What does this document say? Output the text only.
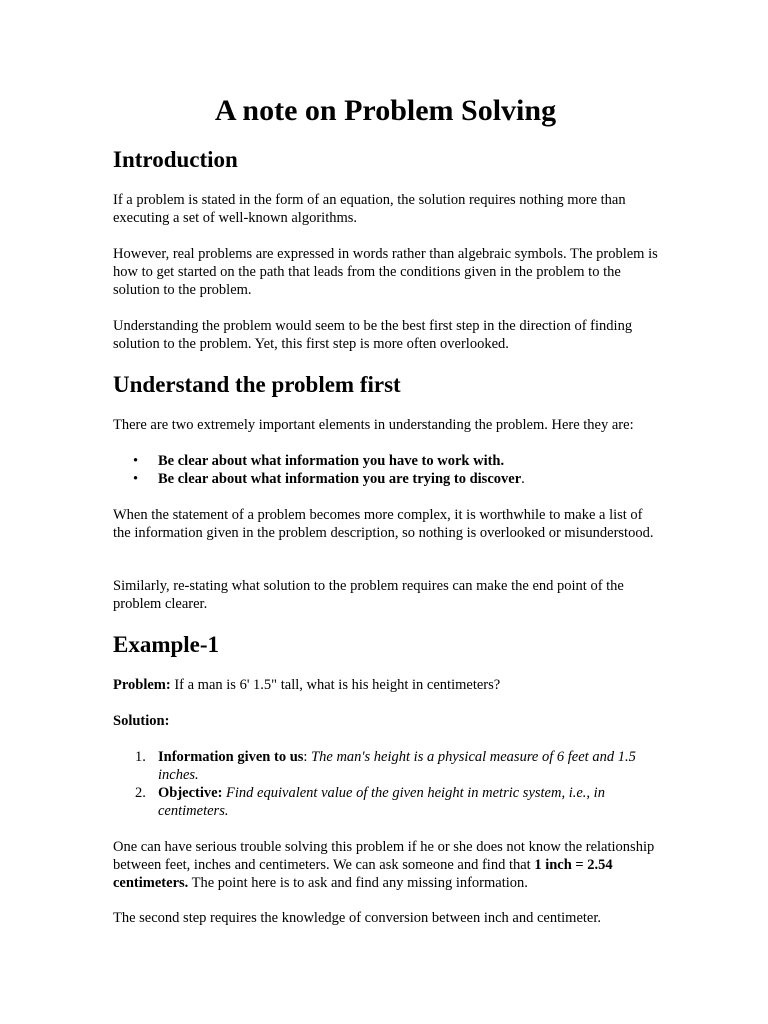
A note on Problem Solving
Introduction

If a problem is stated in the form of an equation, the solution requires nothing more than executing a set of well-known algorithms.

However, real problems are expressed in words rather than algebraic symbols. The problem is how to get started on the path that leads from the conditions given in the problem to the solution to the problem.

Understanding the problem would seem to be the best first step in the direction of finding solution to the problem. Yet, this first step is more often overlooked.

Understand the problem first

There are two extremely important elements in understanding the problem. Here they are:

• Be clear about what information you have to work with.
• Be clear about what information you are trying to discover.

When the statement of a problem becomes more complex, it is worthwhile to make a list of the information given in the problem description, so nothing is overlooked or misunderstood.

Similarly, re-stating what solution to the problem requires can make the end point of the problem clearer.

Example-1

Problem: If a man is 6' 1.5" tall, what is his height in centimeters?

Solution:

1. Information given to us: The man's height is a physical measure of 6 feet and 1.5 inches.
2. Objective: Find equivalent value of the given height in metric system, i.e., in centimeters.

One can have serious trouble solving this problem if he or she does not know the relationship between feet, inches and centimeters. We can ask someone and find that 1 inch = 2.54 centimeters. The point here is to ask and find any missing information.

The second step requires the knowledge of conversion between inch and centimeter.
